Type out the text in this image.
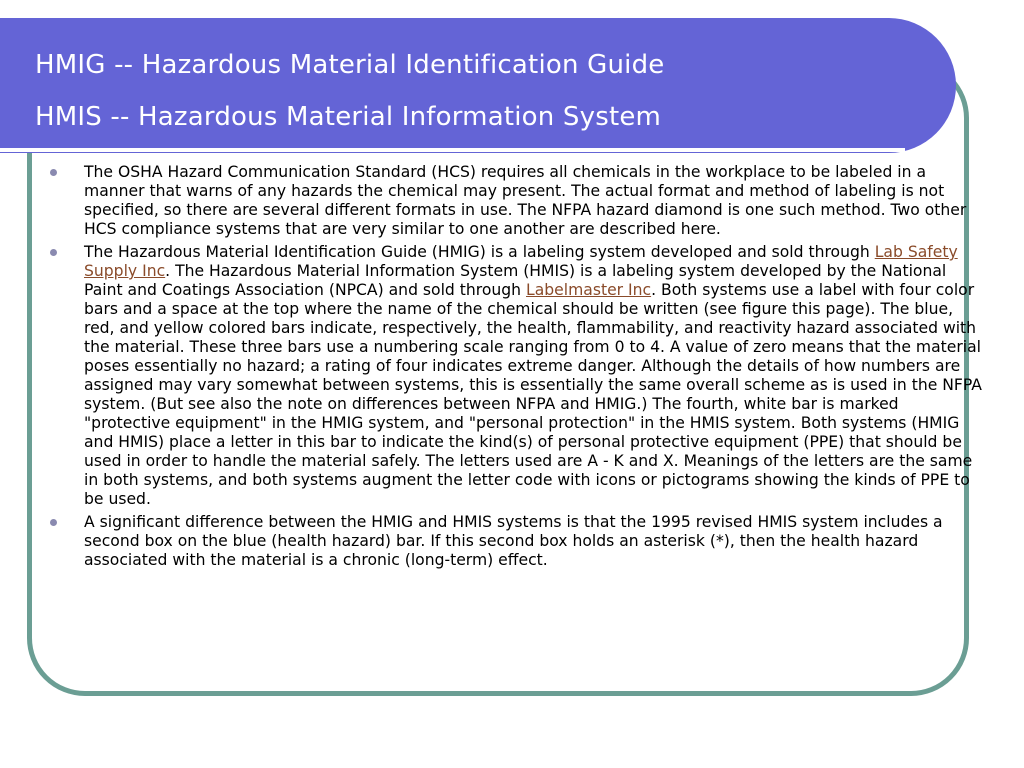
HMIG -- Hazardous Material Identification Guide
HMIS -- Hazardous Material Information System
The OSHA Hazard Communication Standard (HCS) requires all chemicals in the workplace to be labeled in a manner that warns of any hazards the chemical may present. The actual format and method of labeling is not specified, so there are several different formats in use. The NFPA hazard diamond is one such method. Two other HCS compliance systems that are very similar to one another are described here.
The Hazardous Material Identification Guide (HMIG) is a labeling system developed and sold through Lab Safety Supply Inc. The Hazardous Material Information System (HMIS) is a labeling system developed by the National Paint and Coatings Association (NPCA) and sold through Labelmaster Inc. Both systems use a label with four color bars and a space at the top where the name of the chemical should be written (see figure this page). The blue, red, and yellow colored bars indicate, respectively, the health, flammability, and reactivity hazard associated with the material. These three bars use a numbering scale ranging from 0 to 4. A value of zero means that the material poses essentially no hazard; a rating of four indicates extreme danger. Although the details of how numbers are assigned may vary somewhat between systems, this is essentially the same overall scheme as is used in the NFPA system. (But see also the note on differences between NFPA and HMIG.) The fourth, white bar is marked "protective equipment" in the HMIG system, and "personal protection" in the HMIS system. Both systems (HMIG and HMIS) place a letter in this bar to indicate the kind(s) of personal protective equipment (PPE) that should be used in order to handle the material safely. The letters used are A - K and X. Meanings of the letters are the same in both systems, and both systems augment the letter code with icons or pictograms showing the kinds of PPE to be used.
A significant difference between the HMIG and HMIS systems is that the 1995 revised HMIS system includes a second box on the blue (health hazard) bar. If this second box holds an asterisk (*), then the health hazard associated with the material is a chronic (long-term) effect.
